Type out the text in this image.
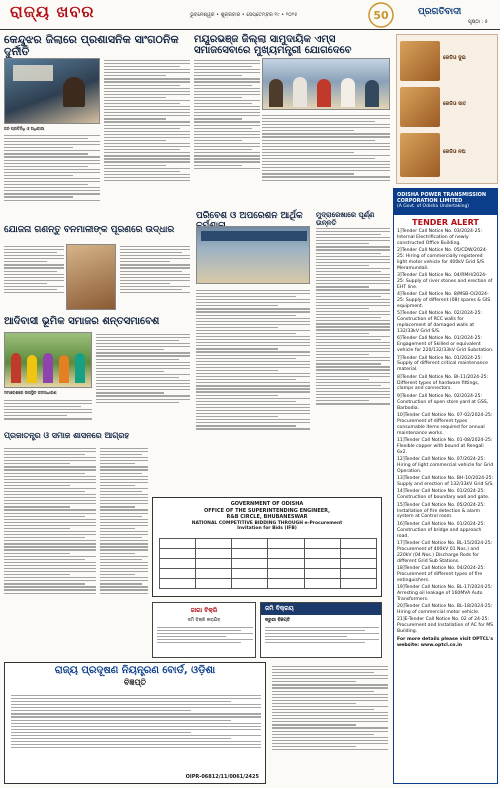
ରାଜ୍ୟ ଖବର	ଭୁବନେଶ୍ୱର • ଶୁକ୍ରବାର • ସେପ୍ଟେମ୍ବର ୧୯ • ୨୦୨୫	50	ପ୍ରଗତିବାଦୀ
ପୃଷ୍ଠା : ୫
କେନ୍ଦୁଝର ଜିଲାରେ ପ୍ରଶାସନିକ ସାଂଗଠନିକ ଦୁର୍ନୀତି
ଜନ ପ୍ରତିନିଧି ଓ ଅଧିକାରୀ
ମୟୂରଭଞ୍ଜ ଜିଲ୍ଲା ସାମୁଦାୟିକ ଏମ୍ସ ସମାଜସେବାରେ ମୁଖ୍ୟମନ୍ତ୍ରୀ ଯୋଗଦେବେ
ରେଡିଓ ଦୁଇ
ରେଡିଓ ସାତ
ରେଡିଓ ନଅ
ପରିବେଶ ଓ ଅପରେଶନ ଆର୍ଥିକ	ମୁଦ୍ରାରେଖାରେ ପୂର୍ଣ୍ଣ ଉନ୍ନତି
ଯୋଜନା ଗଣନ୍ତୁ ବନମାଳୀଙ୍କ ପୂରଣରେ ଉଦ୍ଧାର
ଆଦିବାସୀ ଭୂମିକ ସମାଜର ଶନ୍ତସମାବେଶ
ସମାବେଶରେ ଉପସ୍ଥିତ ଜନସାଧାରଣ
ପ୍ରଜାତନ୍ତ୍ର ଓ ସମାଜ ଶାସନରେ ଆଗ୍ରହ
GOVERNMENT OF ODISHA
OFFICE OF THE SUPERINTENDING ENGINEER,
R&B CIRCLE, BHUBANESWAR
NATIONAL COMPETITIVE BIDDING THROUGH e-Procurement
Invitation for Bids (IFB)

ଜାଗା ବିକ୍ରି
ଜମି ବିକ୍ରି କରାଯିବ
ଜମି ବିକ୍ରୟ
ଜରୁରୀ ବିଜ୍ଞପ୍ତି
ODISHA POWER TRANSMISSION CORPORATION LIMITED
(A Govt. of Odisha Undertaking)
TENDER ALERT
1]Tender Call Notice No. 03/2024-25: Internal Electrification of newly constructed Office Building.
2]Tender Call Notice No. 05/CDW/2024-25: Hiring of commercially registered light motor vehicle for 400kV Grid S/S Meramundali.
3]Tender Call Notice No. 04/RMH/2024-25: Supply of river stones and erection of EHT line.
4]Tender Call Notice No. 8/MSB-O/2024-25: Supply of different (08) spares & GIS equipment.
5]Tender Call Notice No. 02/2024-25: Construction of RCC walls for replacement of damaged walls at 132/33kV Grid S/S.
6]Tender Call Notice No. 01/2024-25: Engagement of Skilled or equivalent vehicle for 220/132/33kV Grid Substation.
7]Tender Call Notice No. 01/2024-25: Supply of different critical maintenance material.
8]Tender Call Notice No. BI-11/2024-25: Different types of hardware fittings, clamps and connectors.
9]Tender Call Notice No. 02/2024-25: Construction of open store yard at GSS, Barbodia.
10]Tender Call Notice No. 07-02/2024-25: Procurement of different types consumable items required for annual maintenance works.
11]Tender Call Notice No. 01-08/2024-25: Flexible copper with bound at Rengali 6x2.
12]Tender Call Notice No. 07/2024-25: Hiring of light commercial vehicle for Grid Operation.
13]Tender Call Notice No. BH-10/2024-25: Supply and erection of 132/33kV Grid S/S.
14]Tender Call Notice No. 01/2024-25: Construction of boundary wall and gate.
15]Tender Call Notice No. 05/2024-25: Installation of fire detection & alarm system at Control room.
16]Tender Call Notice No. 01/2024-25: Construction of bridge and approach road.
17]Tender Call Notice No. BL-15/2024-25: Procurement of 400kV 01 Nos.) and 220kV (04 Nos.) Discharge Rods for different Grid Sub Stations.
18]Tender Call Notice No. 04/2024-25: Procurement of different types of fire extinguishers.
19]Tender Call Notice No. BL-17/2024-25: Arresting oil leakage of 160MVA Auto Transformers.
20]Tender Call Notice No. BL-18/2024-25: Hiring of commercial motor vehicle.
21]E-Tender Call Notice No. 02 of 24-25: Procurement and Installation of AC for MS Building.
For more details please visit OPTCL's website: www.optcl.co.in
ରାଜ୍ୟ ପ୍ରଦୂଷଣ ନିୟନ୍ତ୍ରଣ ବୋର୍ଡ, ଓଡ଼ିଶା
ବିଜ୍ଞପ୍ତି
OIPR-06812/11/0061/2425
